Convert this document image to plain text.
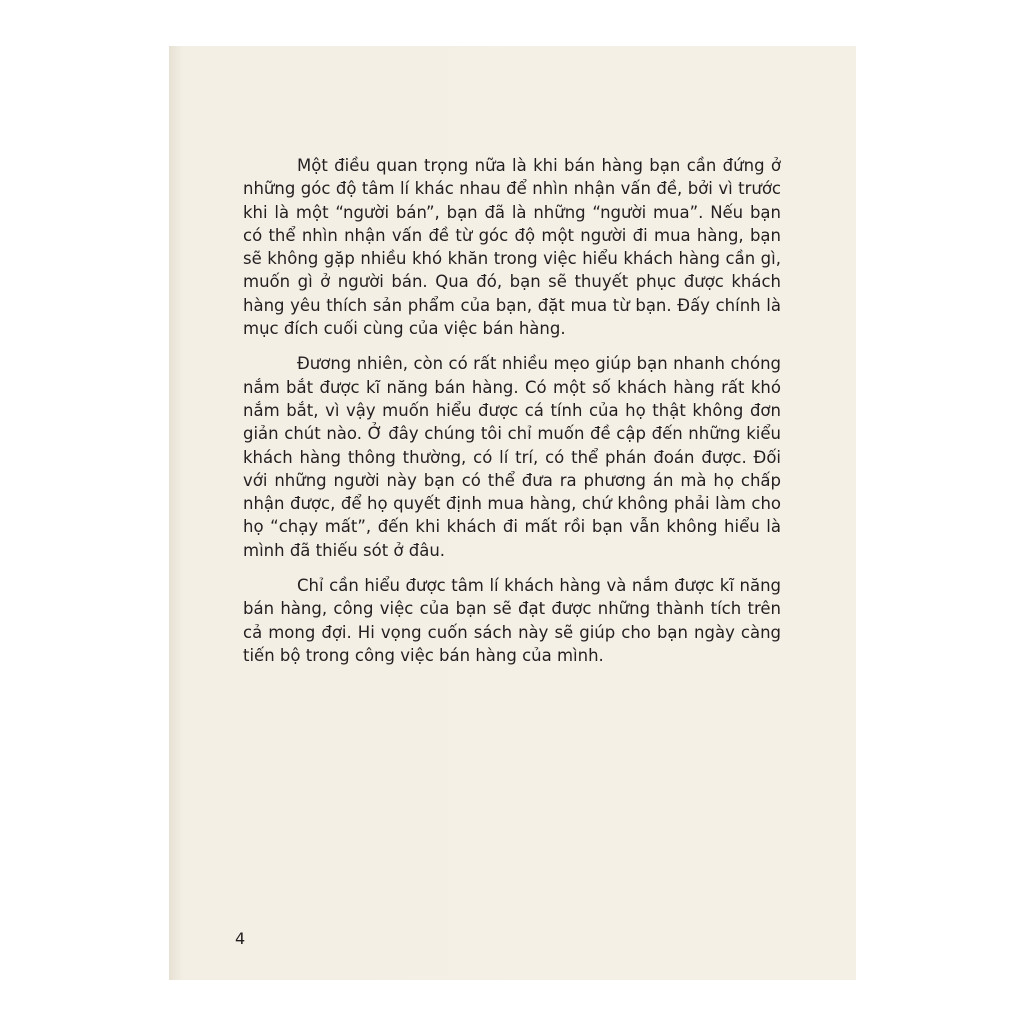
Một điều quan trọng nữa là khi bán hàng bạn cần đứng ở những góc độ tâm lí khác nhau để nhìn nhận vấn đề, bởi vì trước khi là một “người bán”, bạn đã là những “người mua”. Nếu bạn có thể nhìn nhận vấn đề từ góc độ một người đi mua hàng, bạn sẽ không gặp nhiều khó khăn trong việc hiểu khách hàng cần gì, muốn gì ở người bán. Qua đó, bạn sẽ thuyết phục được khách hàng yêu thích sản phẩm của bạn, đặt mua từ bạn. Đấy chính là mục đích cuối cùng của việc bán hàng.

Đương nhiên, còn có rất nhiều mẹo giúp bạn nhanh chóng nắm bắt được kĩ năng bán hàng. Có một số khách hàng rất khó nắm bắt, vì vậy muốn hiểu được cá tính của họ thật không đơn giản chút nào. Ở đây chúng tôi chỉ muốn đề cập đến những kiểu khách hàng thông thường, có lí trí, có thể phán đoán được. Đối với những người này bạn có thể đưa ra phương án mà họ chấp nhận được, để họ quyết định mua hàng, chứ không phải làm cho họ “chạy mất”, đến khi khách đi mất rồi bạn vẫn không hiểu là mình đã thiếu sót ở đâu.

Chỉ cần hiểu được tâm lí khách hàng và nắm được kĩ năng bán hàng, công việc của bạn sẽ đạt được những thành tích trên cả mong đợi. Hi vọng cuốn sách này sẽ giúp cho bạn ngày càng tiến bộ trong công việc bán hàng của mình.

4
